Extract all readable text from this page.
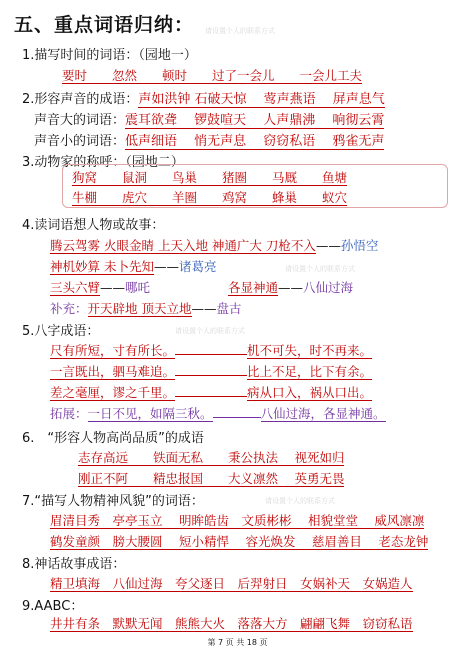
请设置个人的联系方式
请设置个人的联系方式
请设置个人的联系方式
请设置个人的联系方式
五、重点词语归纳：
1.描写时间的词语：（园地一）
要时　　忽然　　顿时　　过了一会儿　　一会儿工夫
2.形容声音的成语：声如洪钟 石破天惊　 莺声燕语　 屏声息气
声音大的词语：震耳欲聋　 锣鼓喧天　 人声鼎沸　 响彻云霄
声音小的词语：低声细语　 悄无声息　 窃窃私语　 鸦雀无声
3.动物家的称呼：（园地二）
狗窝　　鼠洞　　鸟巢　　猪圈　　马厩　　鱼塘
牛棚　　虎穴　　羊圈　　鸡窝　　蜂巢　　蚁穴
4.读词语想人物或故事：
腾云驾雾 火眼金睛 上天入地 神通广大 刀枪不入——孙悟空
神机妙算 未卜先知——诸葛亮
三头六臂——哪吒	各显神通——八仙过海
补充：开天辟地 顶天立地——盘古
5.八字成语：
尺有所短，寸有所长。	机不可失，时不再来。
一言既出，驷马难追。	比上不足，比下有余。
差之毫厘，谬之千里。	病从口入，祸从口出。
拓展：一日不见，如隔三秋。	八仙过海，各显神通。
6.　“形容人物高尚品质”的成语
志存高远　　铁面无私　　秉公执法　 视死如归
刚正不阿　　精忠报国　　大义凛然　 英勇无畏
7.“描写人物精神风貌”的词语：
眉清目秀　亭亭玉立　 明眸皓齿　文质彬彬　 相貌堂堂　 威风凛凛
鹤发童颜　膀大腰圆　 短小精悍　 容光焕发　 慈眉善目　 老态龙钟
8.神话故事成语：
精卫填海　八仙过海　夸父逐日　后羿射日　女娲补天　女娲造人
9.AABC：
井井有条　默默无闻　熊熊大火　落落大方　翩翩飞舞　窃窃私语
第 7 页 共 18 页
